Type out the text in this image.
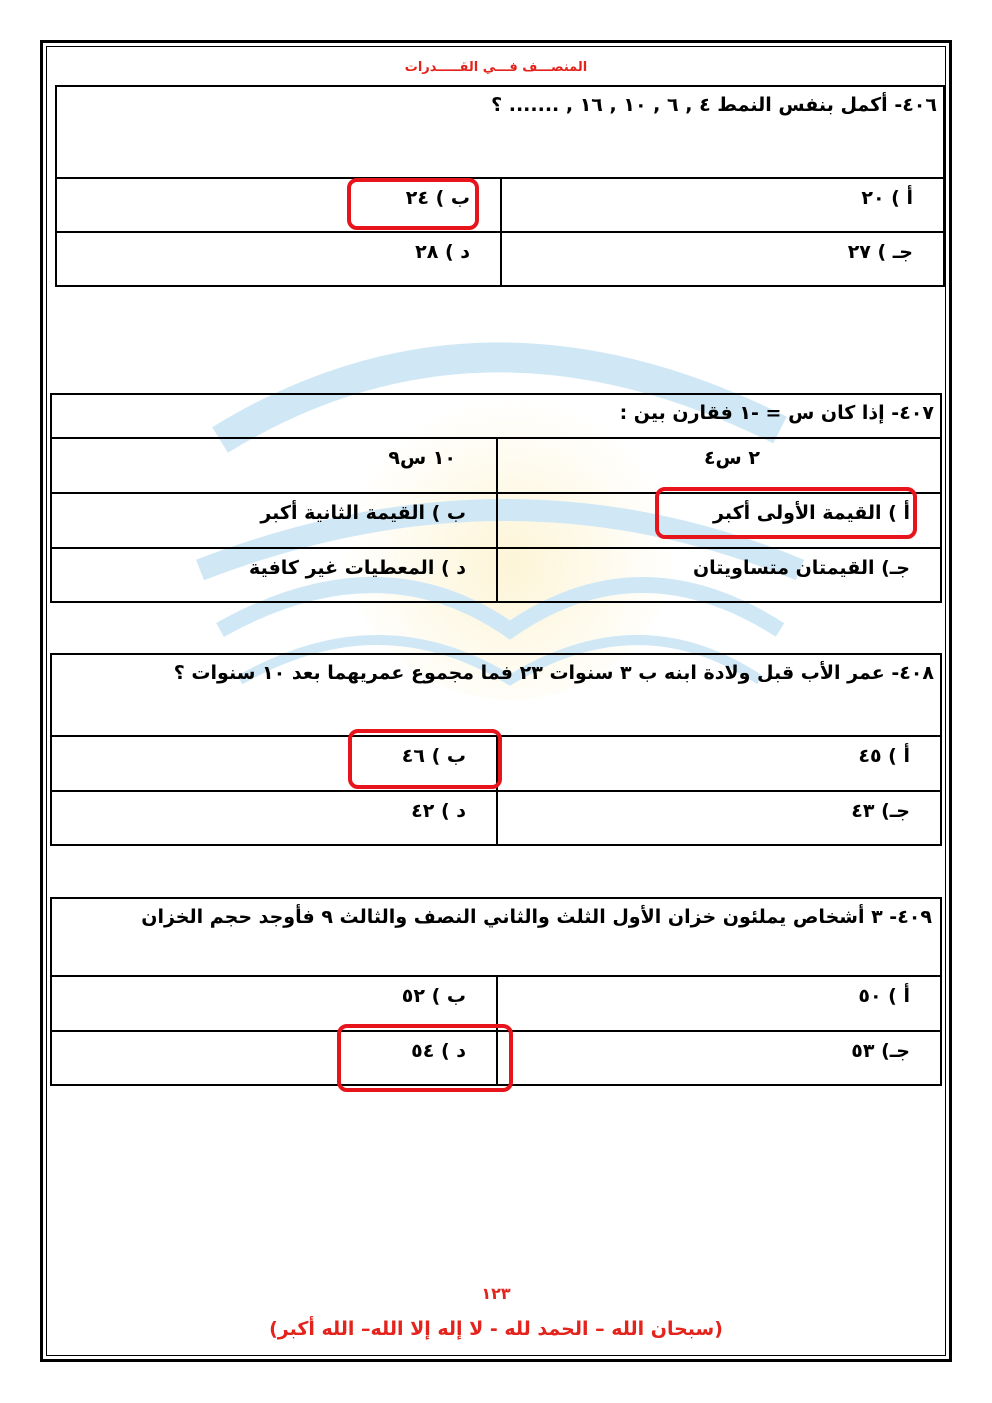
المنصـــف فـــي القـــــدرات
٤٠٦- أكمل بنفس النمط ٤ , ٦ , ١٠ , ١٦ , ....... ؟
أ ) ٢٠
ب ) ٢٤
جـ ) ٢٧
د ) ٢٨
٤٠٧- إذا كان س = -١ فقارن بين :
٢ س٤
١٠ س٩
أ ) القيمة الأولى أكبر
ب ) القيمة الثانية أكبر
جـ) القيمتان متساويتان
د ) المعطيات غير كافية
٤٠٨- عمر الأب قبل ولادة ابنه ب ٣ سنوات ٢٣ فما مجموع عمريهما بعد ١٠ سنوات ؟
أ ) ٤٥
ب ) ٤٦
جـ) ٤٣
د ) ٤٢
٤٠٩- ٣ أشخاص يملئون خزان الأول الثلث والثاني النصف والثالث ٩ فأوجد حجم الخزان
أ ) ٥٠
ب ) ٥٢
جـ) ٥٣
د ) ٥٤
١٢٣
(سبحان الله – الحمد لله - لا إله إلا الله– الله أكبر)
